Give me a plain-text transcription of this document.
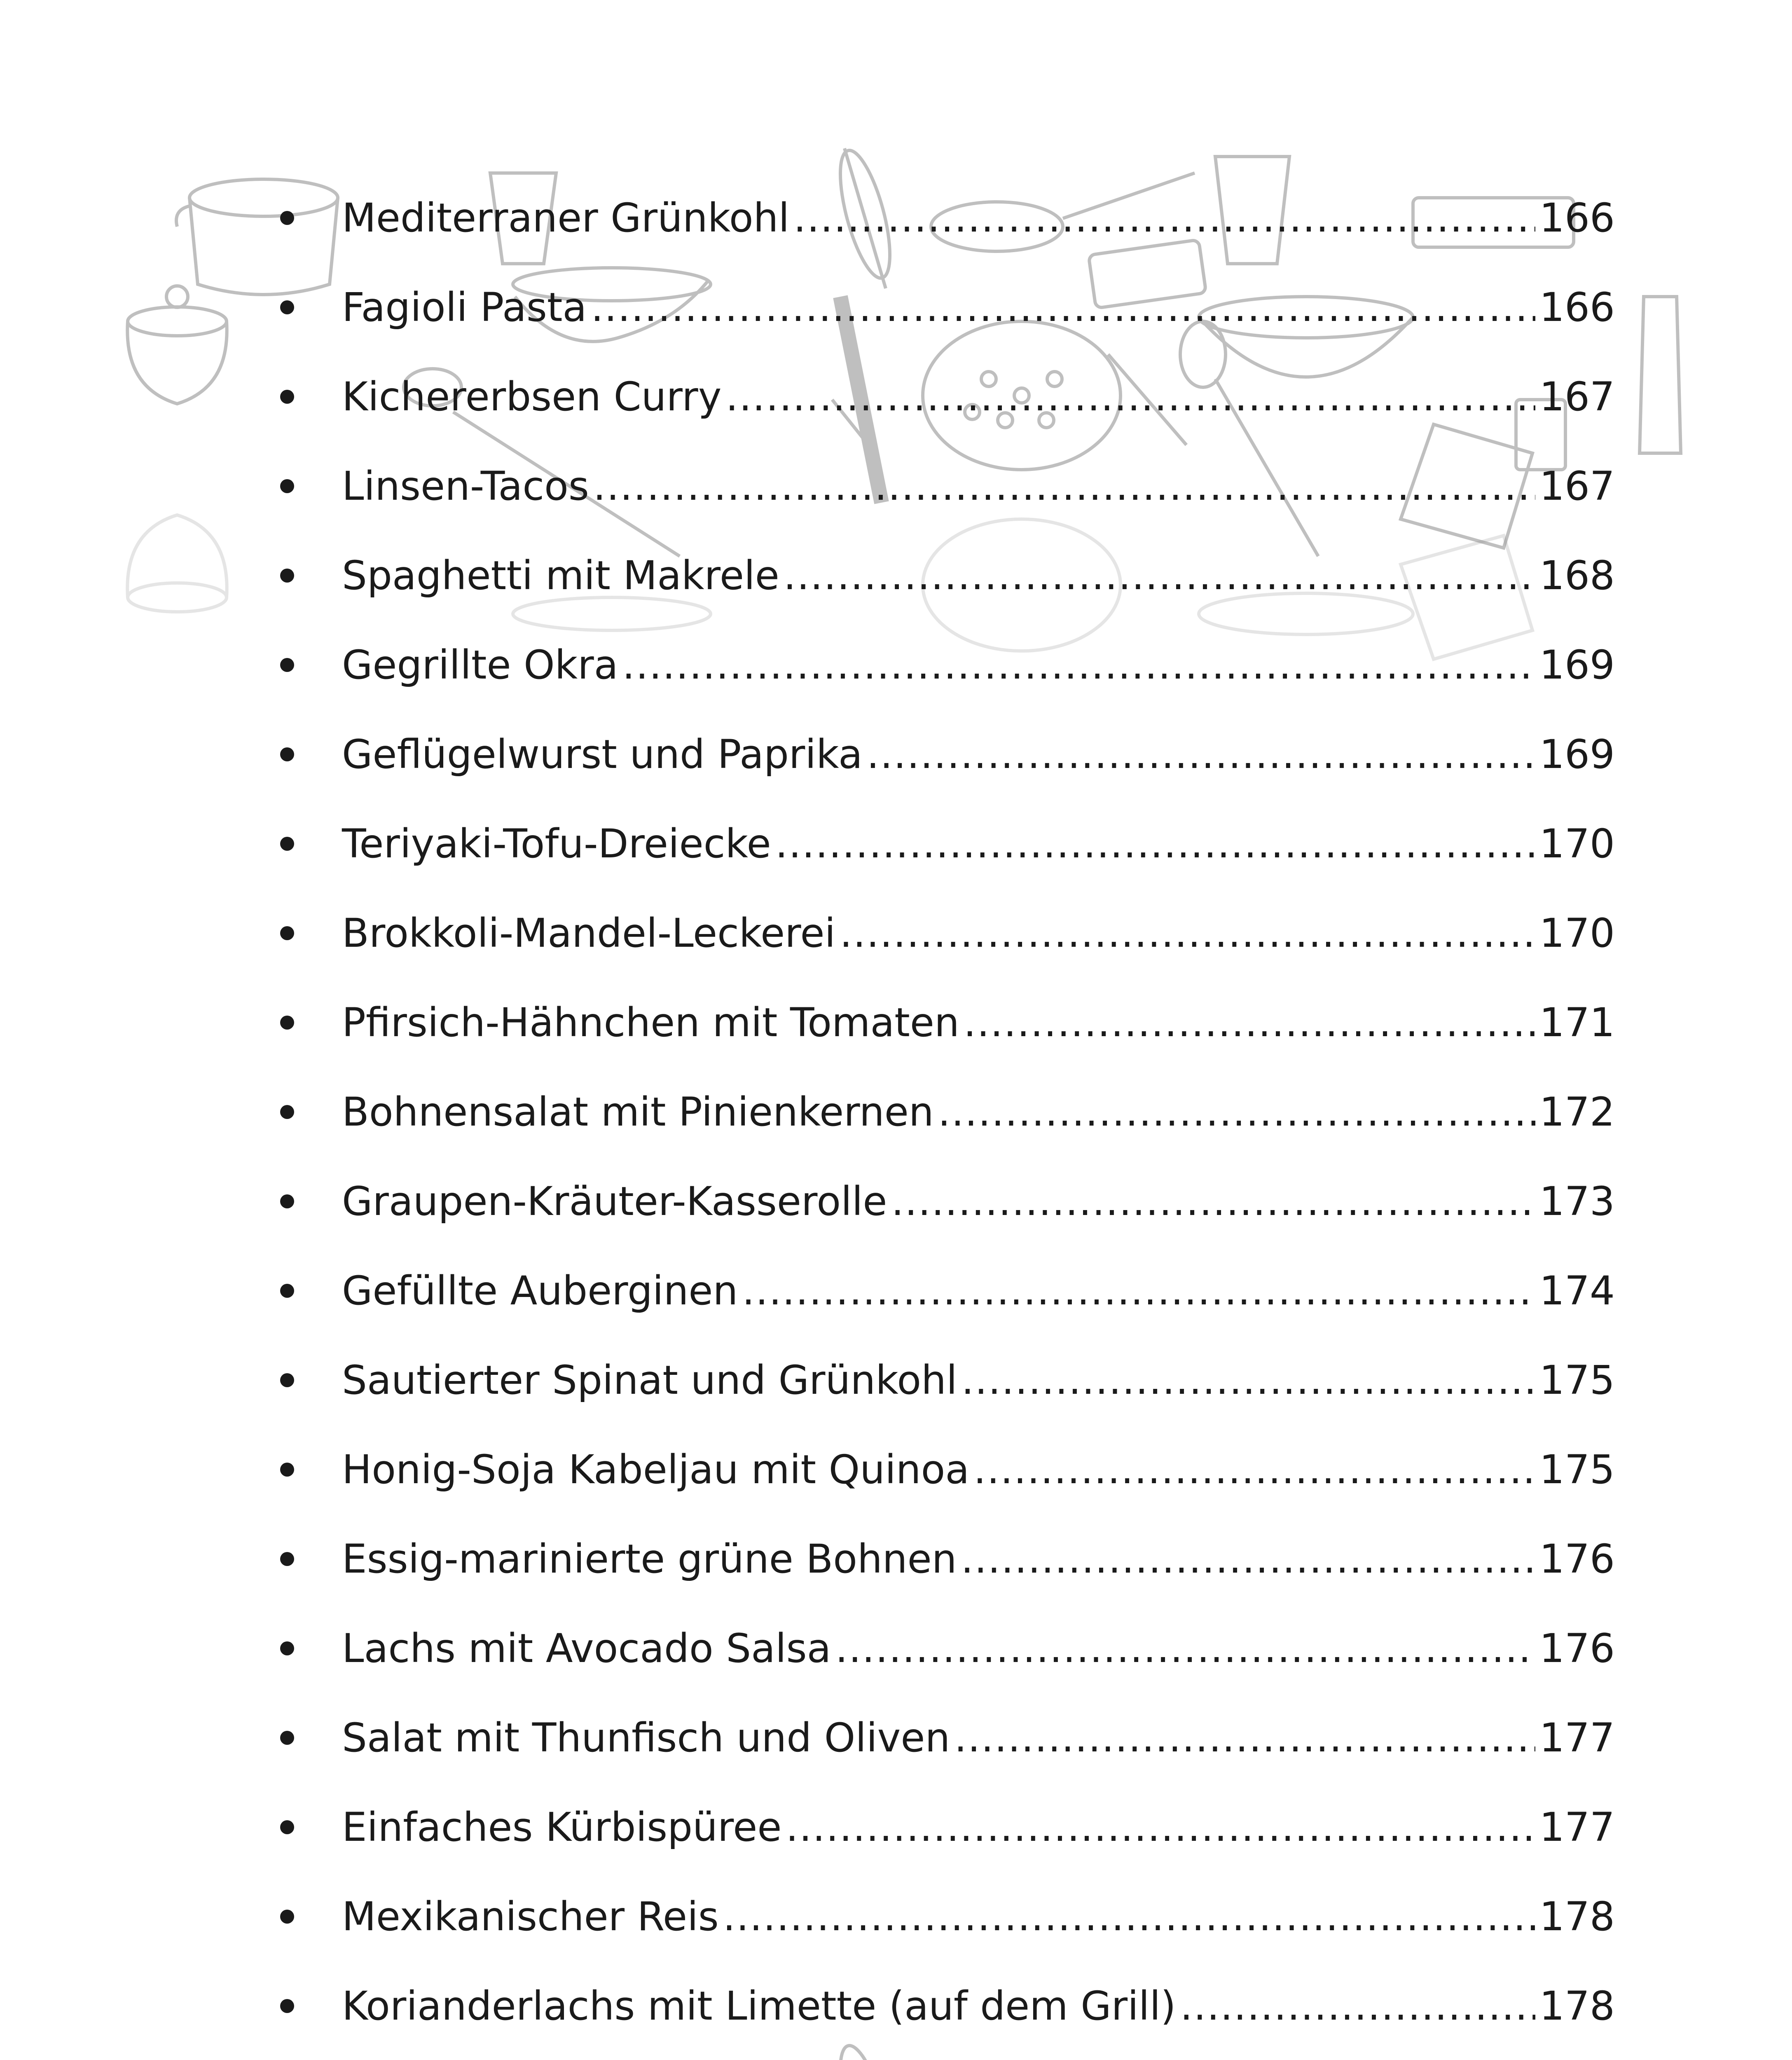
Mediterraner Grünkohl .....	166
Fagioli Pasta .....	166
Kichererbsen Curry .....	167
Linsen-Tacos .....	167
Spaghetti mit Makrele .....	168
Gegrillte Okra .....	169
Geflügelwurst und Paprika .....	169
Teriyaki-Tofu-Dreiecke .....	170
Brokkoli-Mandel-Leckerei .....	170
Pfirsich-Hähnchen mit Tomaten .....	171
Bohnensalat mit Pinienkernen .....	172
Graupen-Kräuter-Kasserolle .....	173
Gefüllte Auberginen .....	174
Sautierter Spinat und Grünkohl .....	175
Honig-Soja Kabeljau mit Quinoa .....	175
Essig-marinierte grüne Bohnen .....	176
Lachs mit Avocado Salsa .....	176
Salat mit Thunfisch und Oliven .....	177
Einfaches Kürbispüree .....	177
Mexikanischer Reis .....	178
Korianderlachs mit Limette (auf dem Grill) .....	178
